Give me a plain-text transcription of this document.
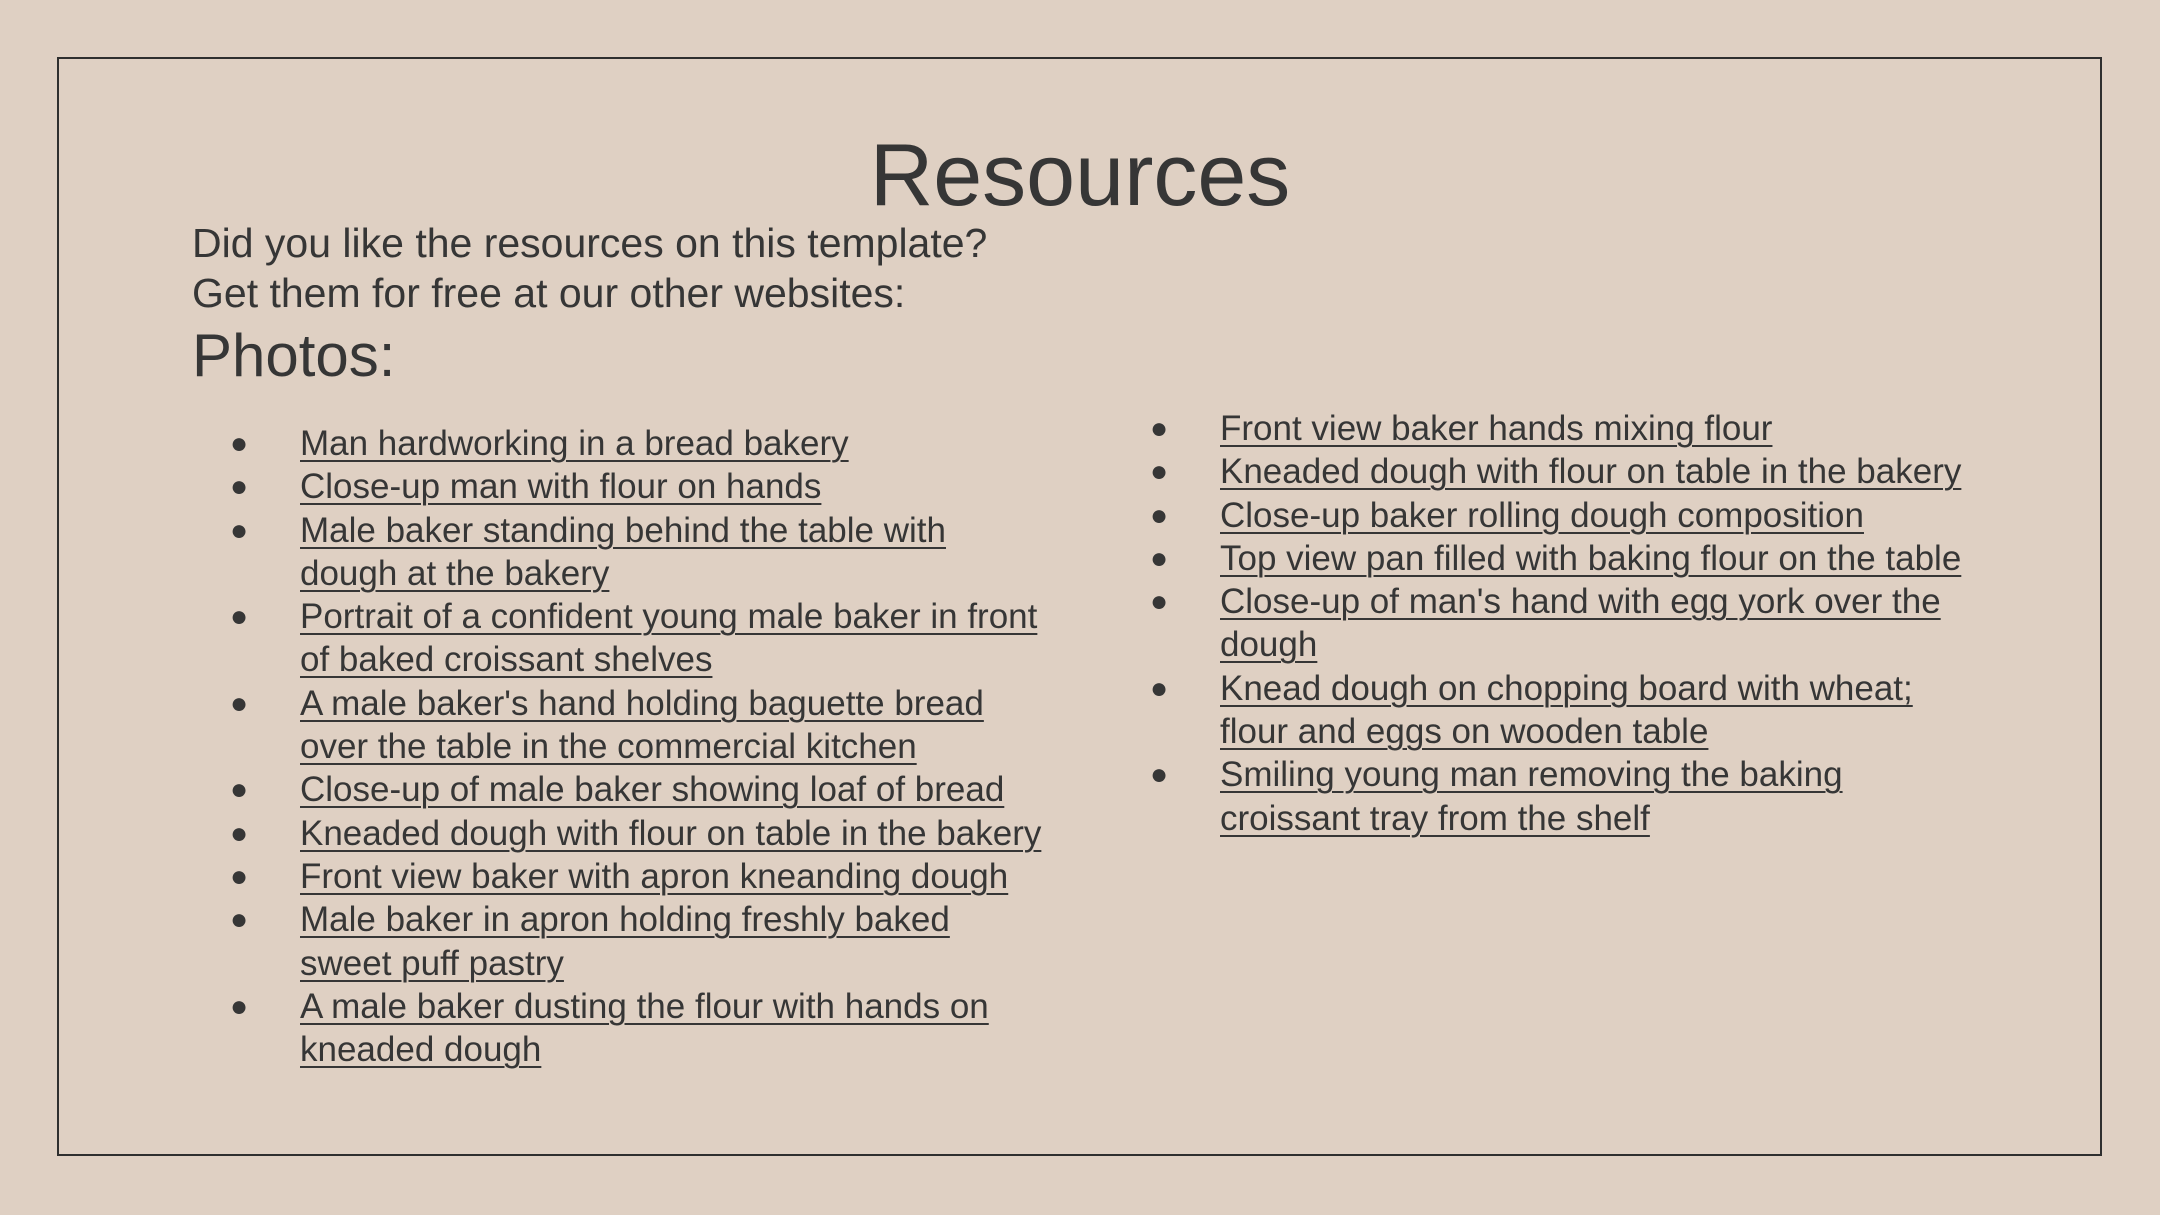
Resources
Did you like the resources on this template?
Get them for free at our other websites:
Photos:
● Man hardworking in a bread bakery
● Close-up man with flour on hands
● Male baker standing behind the table with dough at the bakery
● Portrait of a confident young male baker in front of baked croissant shelves
● A male baker's hand holding baguette bread over the table in the commercial kitchen
● Close-up of male baker showing loaf of bread
● Kneaded dough with flour on table in the bakery
● Front view baker with apron kneanding dough
● Male baker in apron holding freshly baked sweet puff pastry
● A male baker dusting the flour with hands on kneaded dough
● Front view baker hands mixing flour
● Kneaded dough with flour on table in the bakery
● Close-up baker rolling dough composition
● Top view pan filled with baking flour on the table
● Close-up of man's hand with egg york over the dough
● Knead dough on chopping board with wheat; flour and eggs on wooden table
● Smiling young man removing the baking croissant tray from the shelf
